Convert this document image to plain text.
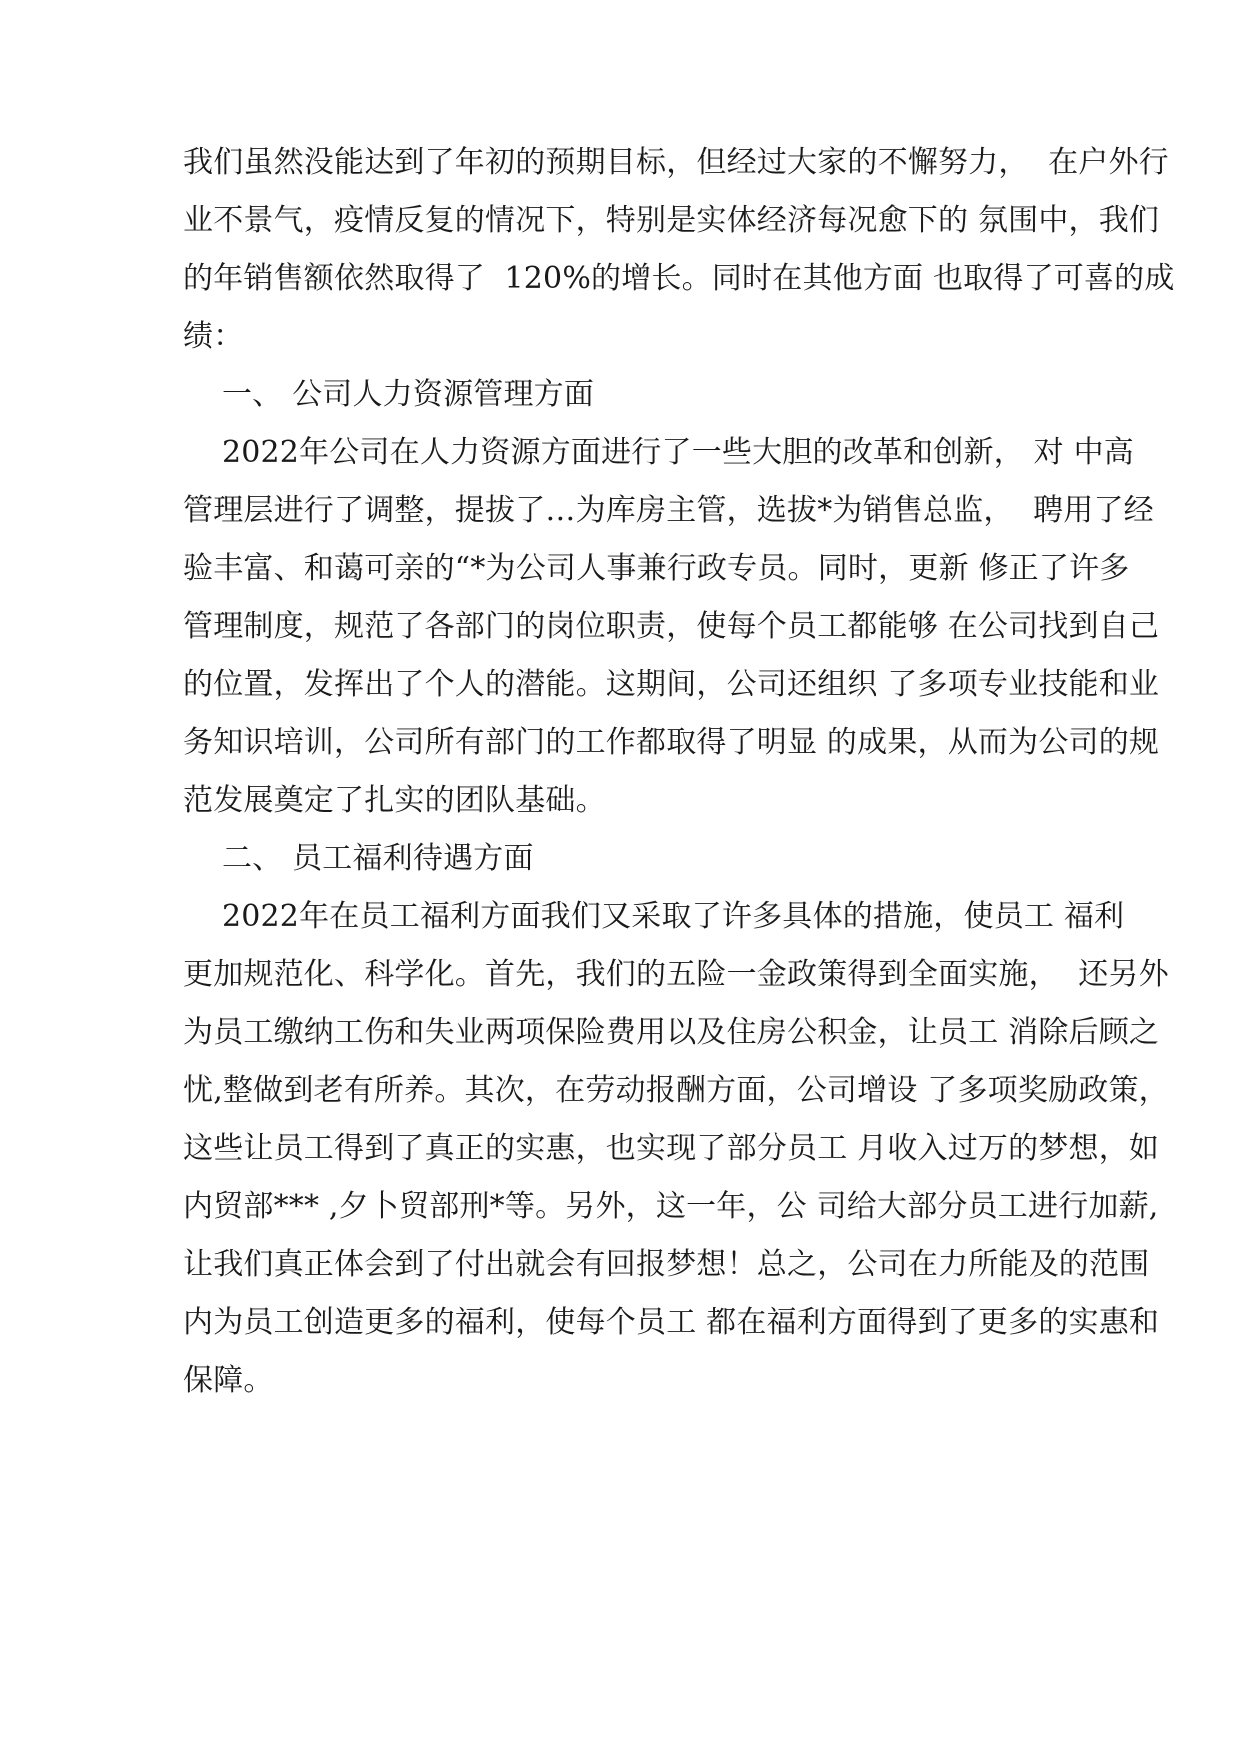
我们虽然没能达到了年初的预期目标，但经过大家的不懈努力，  在户外行

业不景气，疫情反复的情况下，特别是实体经济每况愈下的 氛围中，我们

的年销售额依然取得了  120%的增长。同时在其他方面 也取得了可喜的成

绩：

一、 公司人力资源管理方面

2022年公司在人力资源方面进行了一些大胆的改革和创新， 对 中高

管理层进行了调整，提拔了…为库房主管，选拔*为销售总监，  聘用了经

验丰富、和蔼可亲的“*为公司人事兼行政专员。同时，更新 修正了许多

管理制度，规范了各部门的岗位职责，使每个员工都能够 在公司找到自己

的位置，发挥出了个人的潜能。这期间，公司还组织 了多项专业技能和业

务知识培训，公司所有部门的工作都取得了明显 的成果，从而为公司的规

范发展奠定了扎实的团队基础。

二、 员工福利待遇方面

2022年在员工福利方面我们又采取了许多具体的措施，使员工 福利

更加规范化、科学化。首先，我们的五险一金政策得到全面实施，  还另外

为员工缴纳工伤和失业两项保险费用以及住房公积金，让员工 消除后顾之

忧,整做到老有所养。其次，在劳动报酬方面，公司增设 了多项奖励政策，

这些让员工得到了真正的实惠，也实现了部分员工 月收入过万的梦想，如

内贸部*** ,夕卜贸部刑*等。另外，这一年，公 司给大部分员工进行加薪,

让我们真正体会到了付出就会有回报梦想！总之，公司在力所能及的范围

内为员工创造更多的福利，使每个员工 都在福利方面得到了更多的实惠和

保障。
